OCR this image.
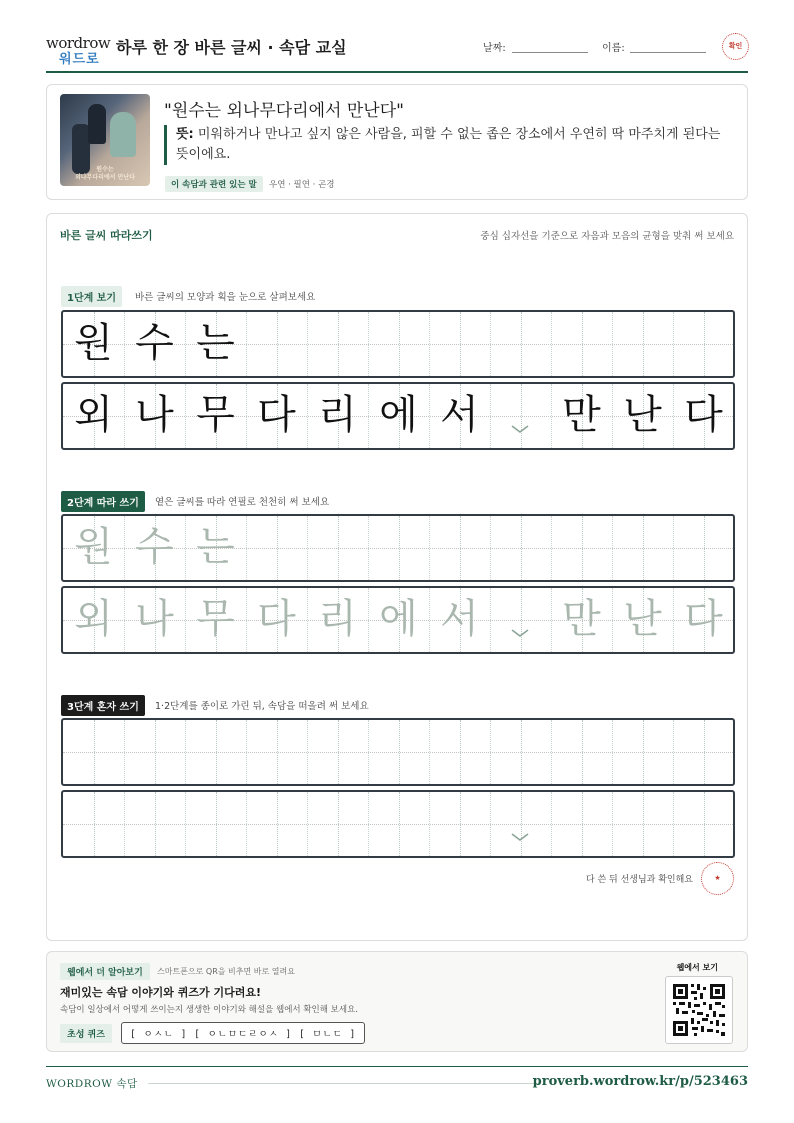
wordrow
워드로
하루 한 장 바른 글씨 · 속담 교실	날짜:	이름:	확인
원수는
외나무다리에서 만난다
"원수는 외나무다리에서 만난다"
뜻: 미워하거나 만나고 싶지 않은 사람을, 피할 수 없는 좁은 장소에서 우연히 딱 마주치게 된다는 뜻이에요.
이 속담과 관련 있는 말	우연 · 필연 · 곤경
바른 글씨 따라쓰기	중심 십자선을 기준으로 자음과 모음의 균형을 맞춰 써 보세요
1단계 보기	바른 글씨의 모양과 획을 눈으로 살펴보세요
원 수 는
외 나 무 다 리 에 서 만 난 다
2단계 따라 쓰기	옅은 글씨를 따라 연필로 천천히 써 보세요
원 수 는
외 나 무 다 리 에 서 만 난 다
3단계 혼자 쓰기	1·2단계를 종이로 가린 뒤, 속담을 떠올려 써 보세요
다 쓴 뒤 선생님과 확인해요	★
웹에서 더 알아보기	스마트폰으로 QR을 비추면 바로 열려요
재미있는 속담 이야기와 퀴즈가 기다려요!
속담이 일상에서 어떻게 쓰이는지 생생한 이야기와 해설을 웹에서 확인해 보세요.
초성 퀴즈	[ ㅇㅅㄴ ] [ ㅇㄴㅁㄷㄹㅇㅅ ] [ ㅁㄴㄷ ]
웹에서 보기
WORDROW 속담	proverb.wordrow.kr/p/523463
